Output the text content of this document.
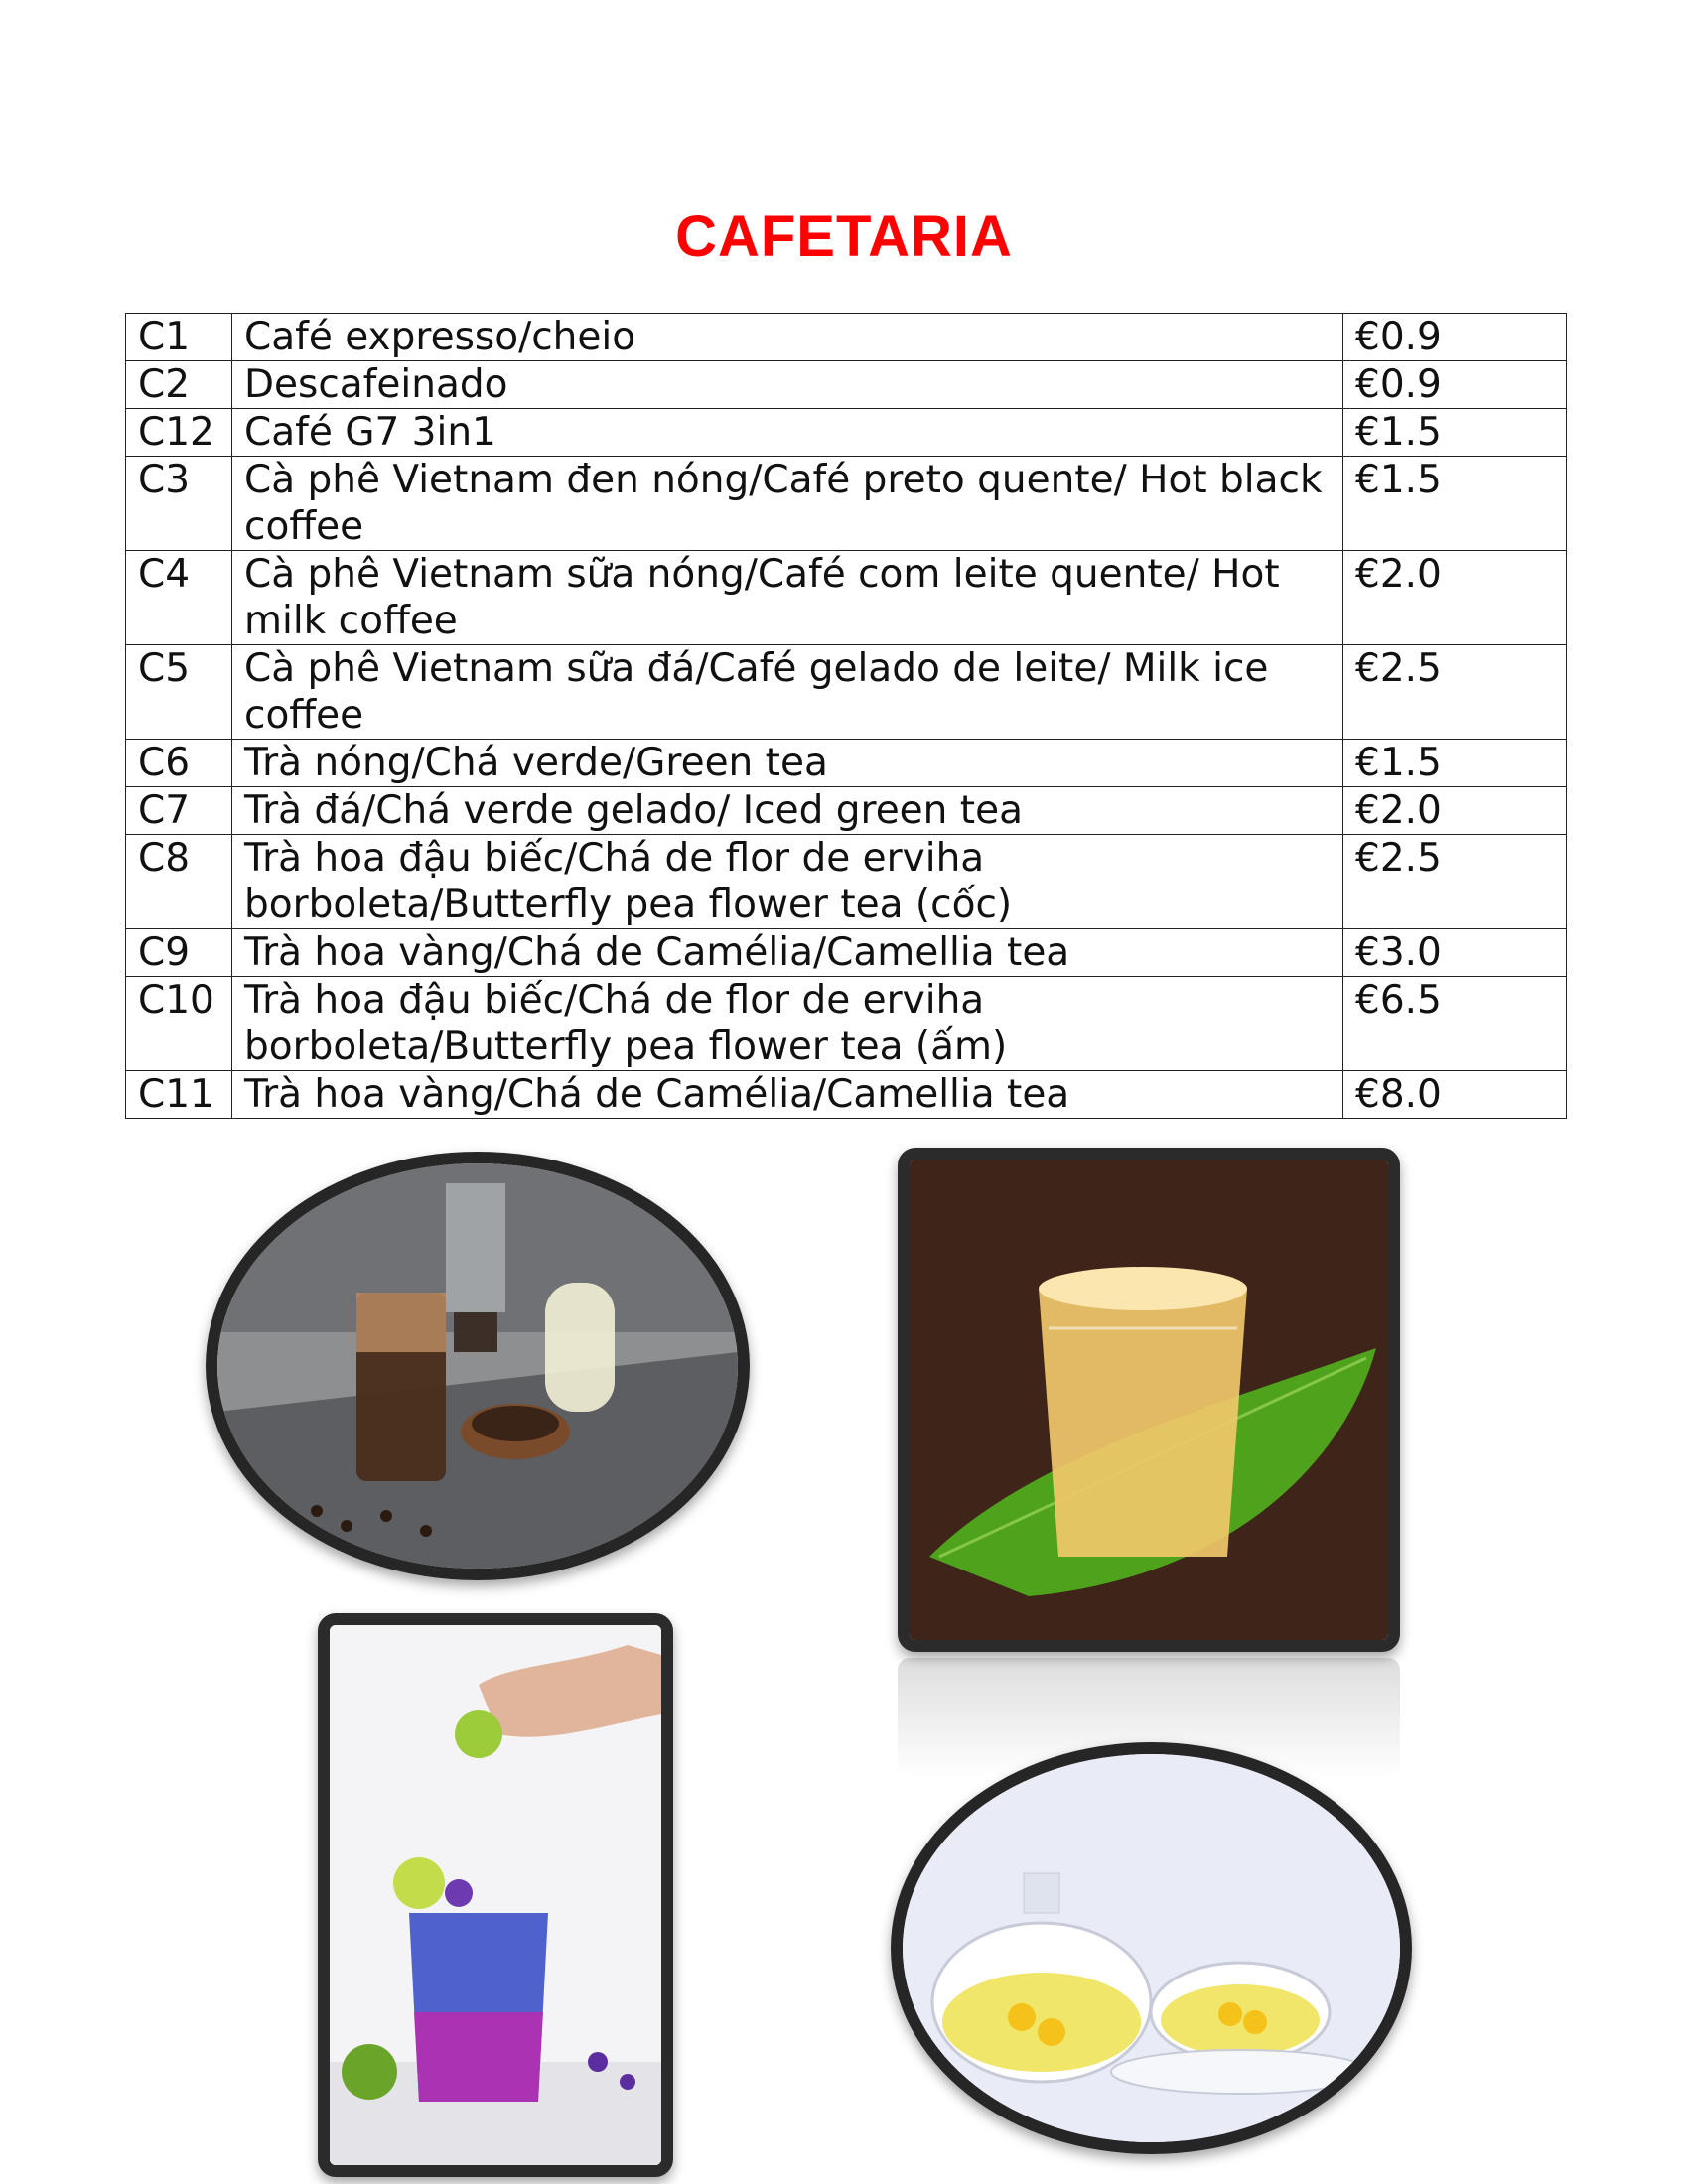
CAFETARIA
C1	Café expresso/cheio	€0.9
C2	Descafeinado	€0.9
C12	Café G7 3in1	€1.5
C3	Cà phê Vietnam đen nóng/Café preto quente/ Hot black coffee	€1.5
C4	Cà phê Vietnam sữa nóng/Café com leite quente/ Hot milk coffee	€2.0
C5	Cà phê Vietnam sữa đá/Café gelado de leite/ Milk ice coffee	€2.5
C6	Trà nóng/Chá verde/Green tea	€1.5
C7	Trà đá/Chá verde gelado/ Iced green tea	€2.0
C8	Trà hoa đậu biếc/Chá de flor de erviha borboleta/Butterfly pea flower tea (cốc)	€2.5
C9	Trà hoa vàng/Chá de Camélia/Camellia tea	€3.0
C10	Trà hoa đậu biếc/Chá de flor de erviha borboleta/Butterfly pea flower tea (ấm)	€6.5
C11	Trà hoa vàng/Chá de Camélia/Camellia tea	€8.0
